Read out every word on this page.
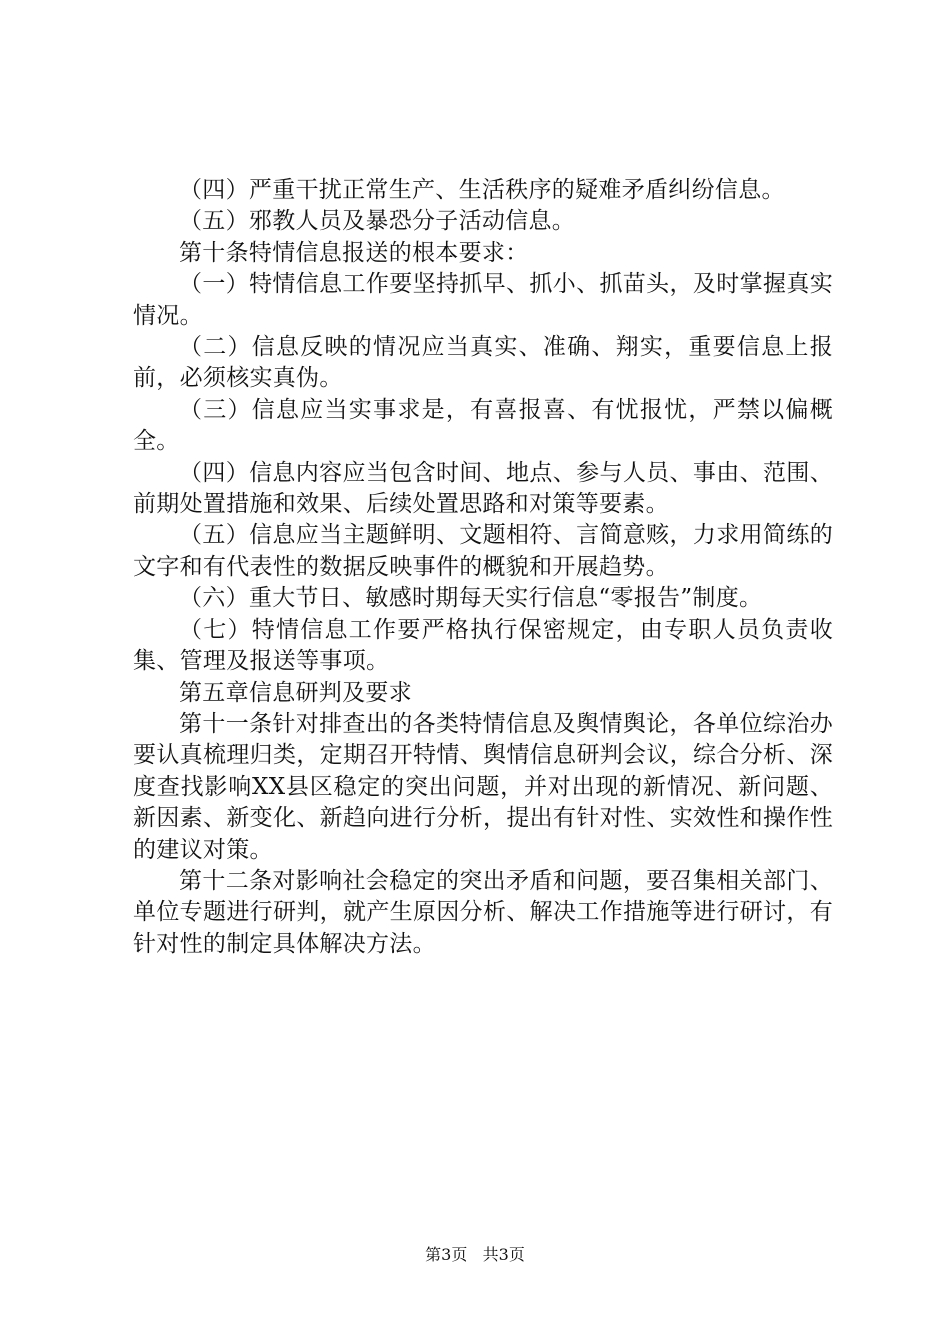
（四）严重干扰正常生产、生活秩序的疑难矛盾纠纷信息。

（五）邪教人员及暴恐分子活动信息。

第十条特情信息报送的根本要求：

（一）特情信息工作要坚持抓早、抓小、抓苗头，及时掌握真实情况。

（二）信息反映的情况应当真实、准确、翔实，重要信息上报前，必须核实真伪。

（三）信息应当实事求是，有喜报喜、有忧报忧，严禁以偏概全。

（四）信息内容应当包含时间、地点、参与人员、事由、范围、前期处置措施和效果、后续处置思路和对策等要素。

（五）信息应当主题鲜明、文题相符、言简意赅，力求用简练的文字和有代表性的数据反映事件的概貌和开展趋势。

（六）重大节日、敏感时期每天实行信息“零报告”制度。

（七）特情信息工作要严格执行保密规定，由专职人员负责收集、管理及报送等事项。

第五章信息研判及要求

第十一条针对排查出的各类特情信息及舆情舆论，各单位综治办要认真梳理归类，定期召开特情、舆情信息研判会议，综合分析、深度查找影响XX县区稳定的突出问题，并对出现的新情况、新问题、新因素、新变化、新趋向进行分析，提出有针对性、实效性和操作性的建议对策。

第十二条对影响社会稳定的突出矛盾和问题，要召集相关部门、单位专题进行研判，就产生原因分析、解决工作措施等进行研讨，有针对性的制定具体解决方法。

第3页 共3页
